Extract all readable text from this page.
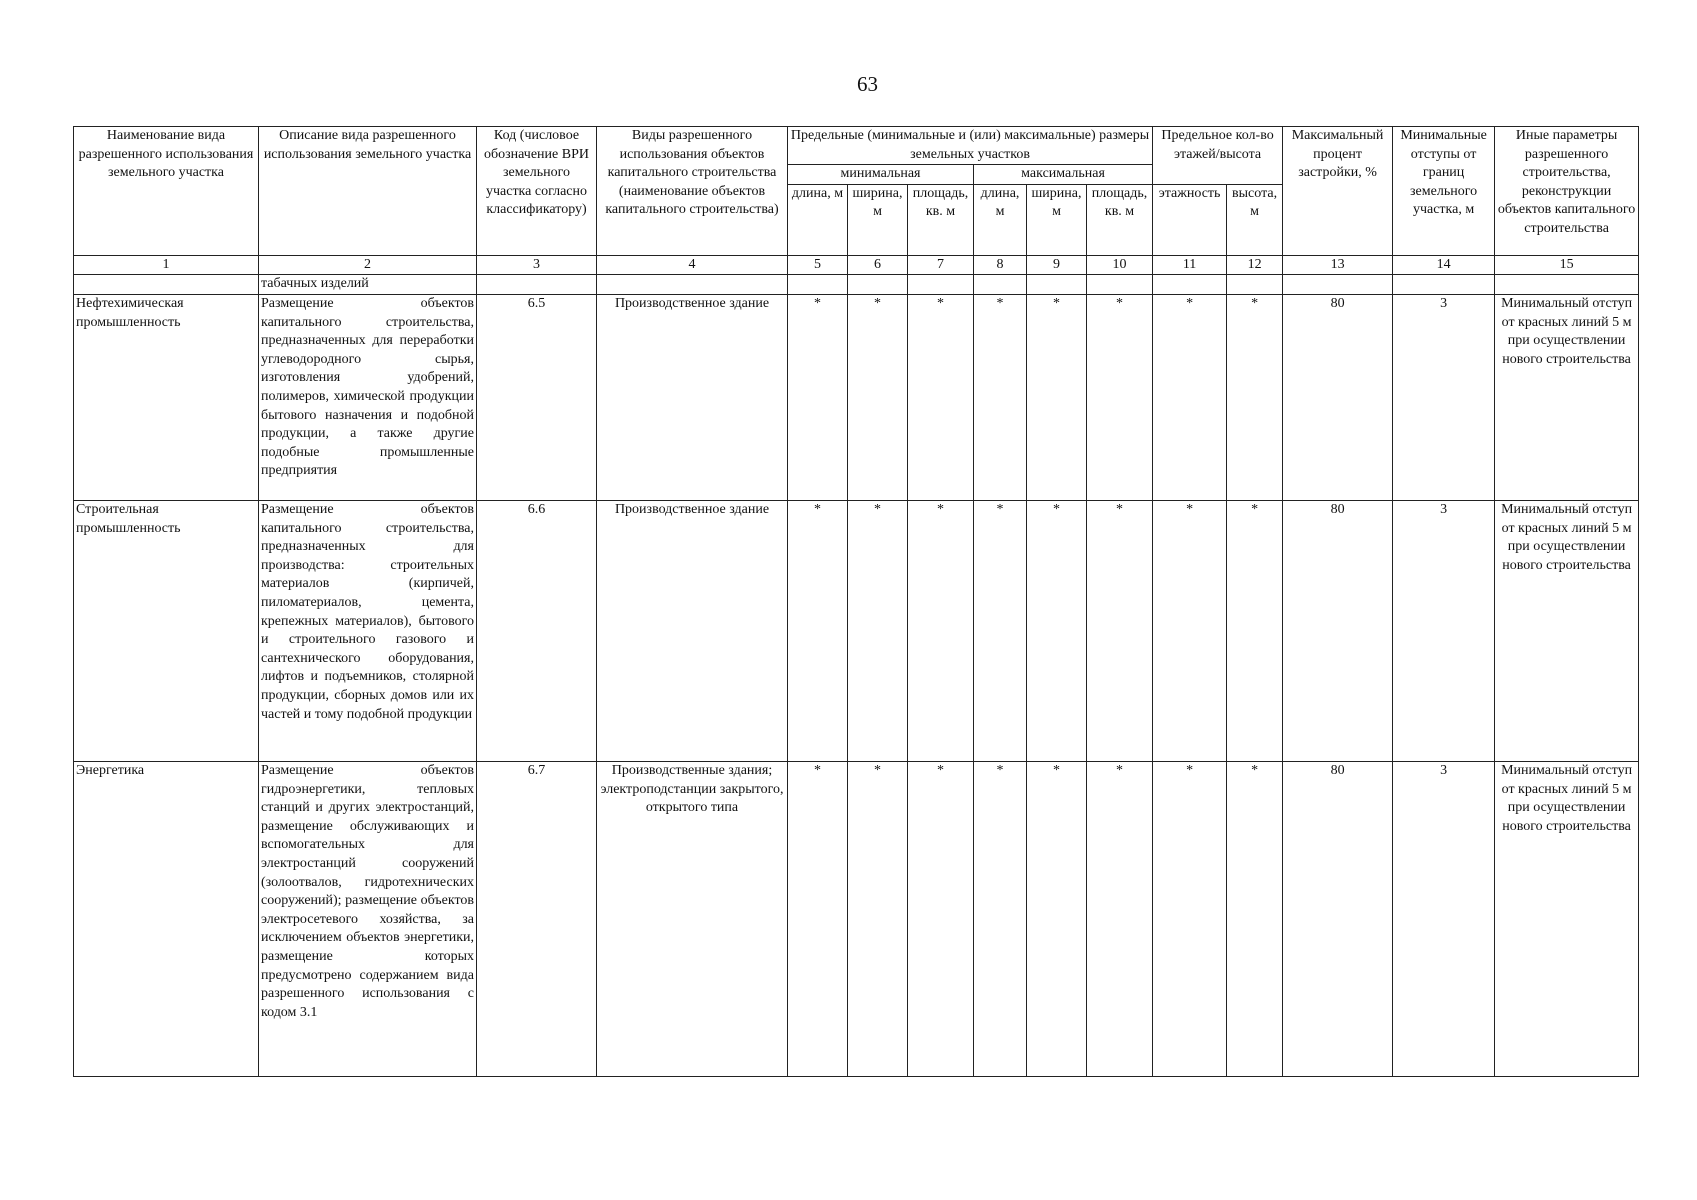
63
Наименование вида разрешенного использования земельного участка	Описание вида разрешенного использования земельного участка	Код (числовое обозначение ВРИ земельного участка согласно классификатору)	Виды разрешенного использования объектов капитального строительства (наименование объектов капитального строительства)	Предельные (минимальные и (или) максимальные) размеры земельных участков						Предельное кол-во этажей/высота		Максимальный процент застройки, %	Минимальные отступы от границ земельного участка, м	Иные параметры разрешенного строительства, реконструкции объектов капитального строительства
				минимальная			максимальная							
				длина, м	ширина, м	площадь, кв. м	длина, м	ширина, м	площадь, кв. м	этажность	высота, м			
1	2	3	4	5	6	7	8	9	10	11	12	13	14	15
	табачных изделий													
Нефтехимическая промышленность	Размещение объектов капитального строительства, предназначенных для переработки углеводородного сырья, изготовления удобрений, полимеров, химической продукции бытового назначения и подобной продукции, а также другие подобные промышленные предприятия	6.5	Производственное здание	*	*	*	*	*	*	*	*	80	3	Минимальный отступ от красных линий 5 м при осуществлении нового строительства
Строительная промышленность	Размещение объектов капитального строительства, предназначенных для производства: строительных материалов (кирпичей, пиломатериалов, цемента, крепежных материалов), бытового и строительного газового и сантехнического оборудования, лифтов и подъемников, столярной продукции, сборных домов или их частей и тому подобной продукции	6.6	Производственное здание	*	*	*	*	*	*	*	*	80	3	Минимальный отступ от красных линий 5 м при осуществлении нового строительства
Энергетика	Размещение объектов гидроэнергетики, тепловых станций и других электростанций, размещение обслуживающих и вспомогательных для электростанций сооружений (золоотвалов, гидротехнических сооружений); размещение объектов электросетевого хозяйства, за исключением объектов энергетики, размещение которых предусмотрено содержанием вида разрешенного использования с кодом 3.1	6.7	Производственные здания; электроподстанции закрытого, открытого типа	*	*	*	*	*	*	*	*	80	3	Минимальный отступ от красных линий 5 м при осуществлении нового строительства
